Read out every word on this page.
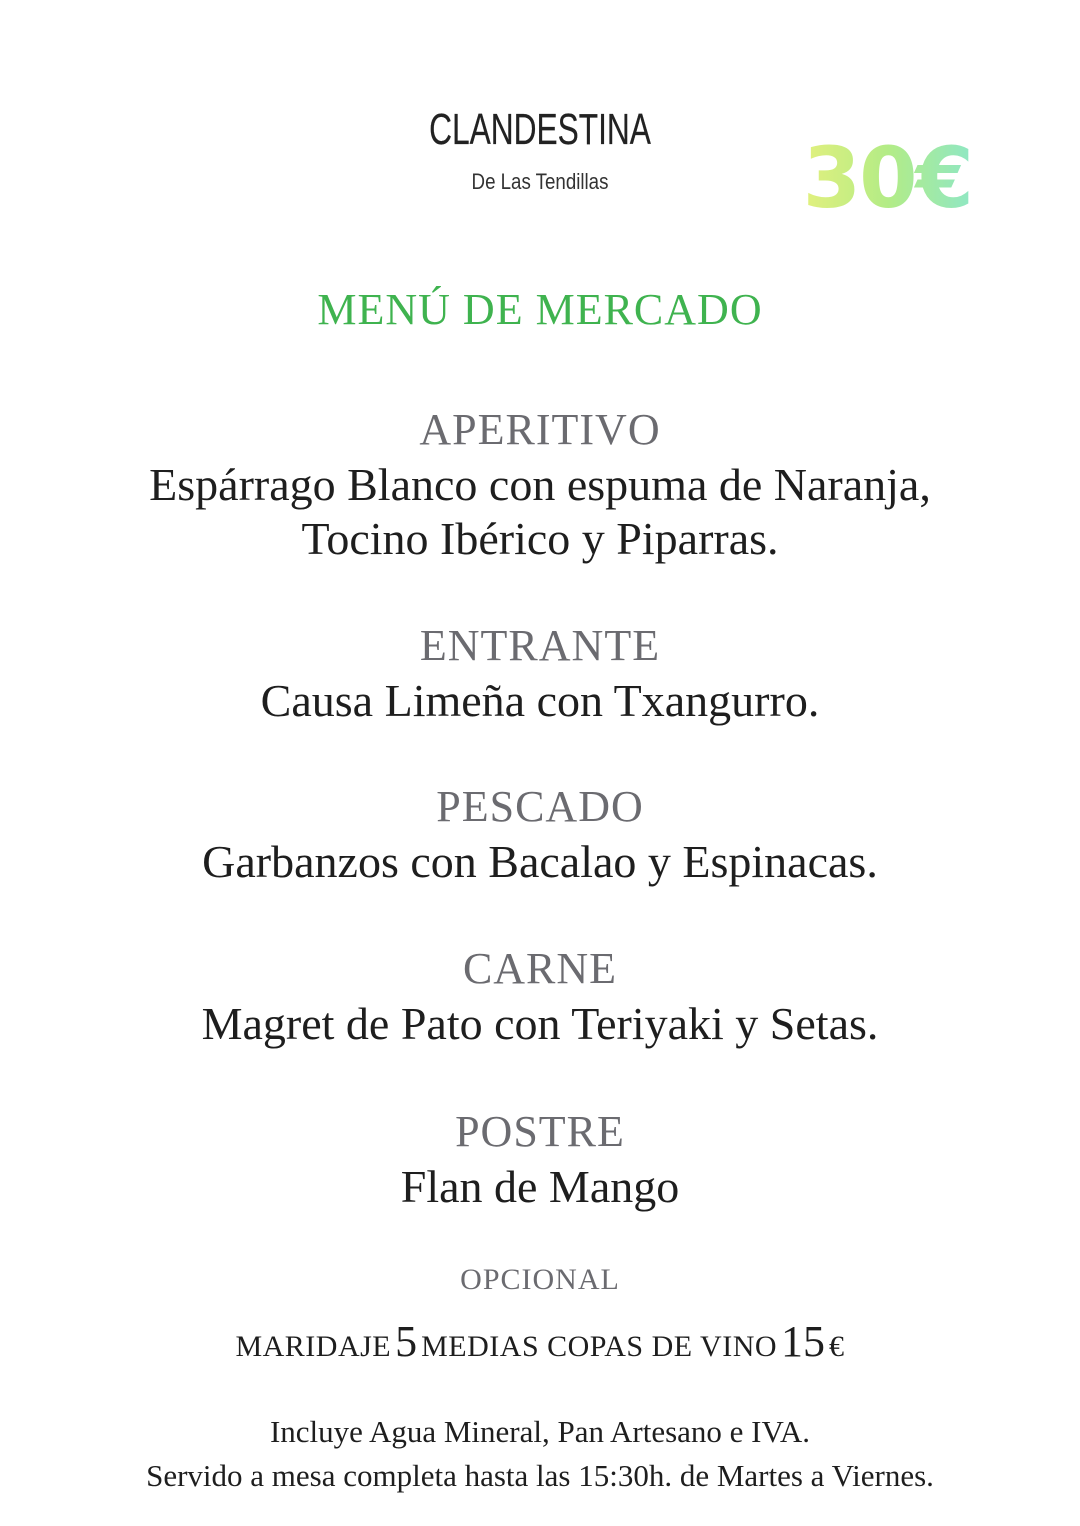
CLANDESTINA
De Las Tendillas	30€
MENÚ DE MERCADO
APERITIVO
Espárrago Blanco con espuma de Naranja,
Tocino Ibérico y Piparras.
ENTRANTE
Causa Limeña con Txangurro.
PESCADO
Garbanzos con Bacalao y Espinacas.
CARNE
Magret de Pato con Teriyaki y Setas.
POSTRE
Flan de Mango
OPCIONAL
MARIDAJE 5 MEDIAS COPAS DE VINO 15 €
Incluye Agua Mineral, Pan Artesano e IVA.
Servido a mesa completa hasta las 15:30h. de Martes a Viernes.
